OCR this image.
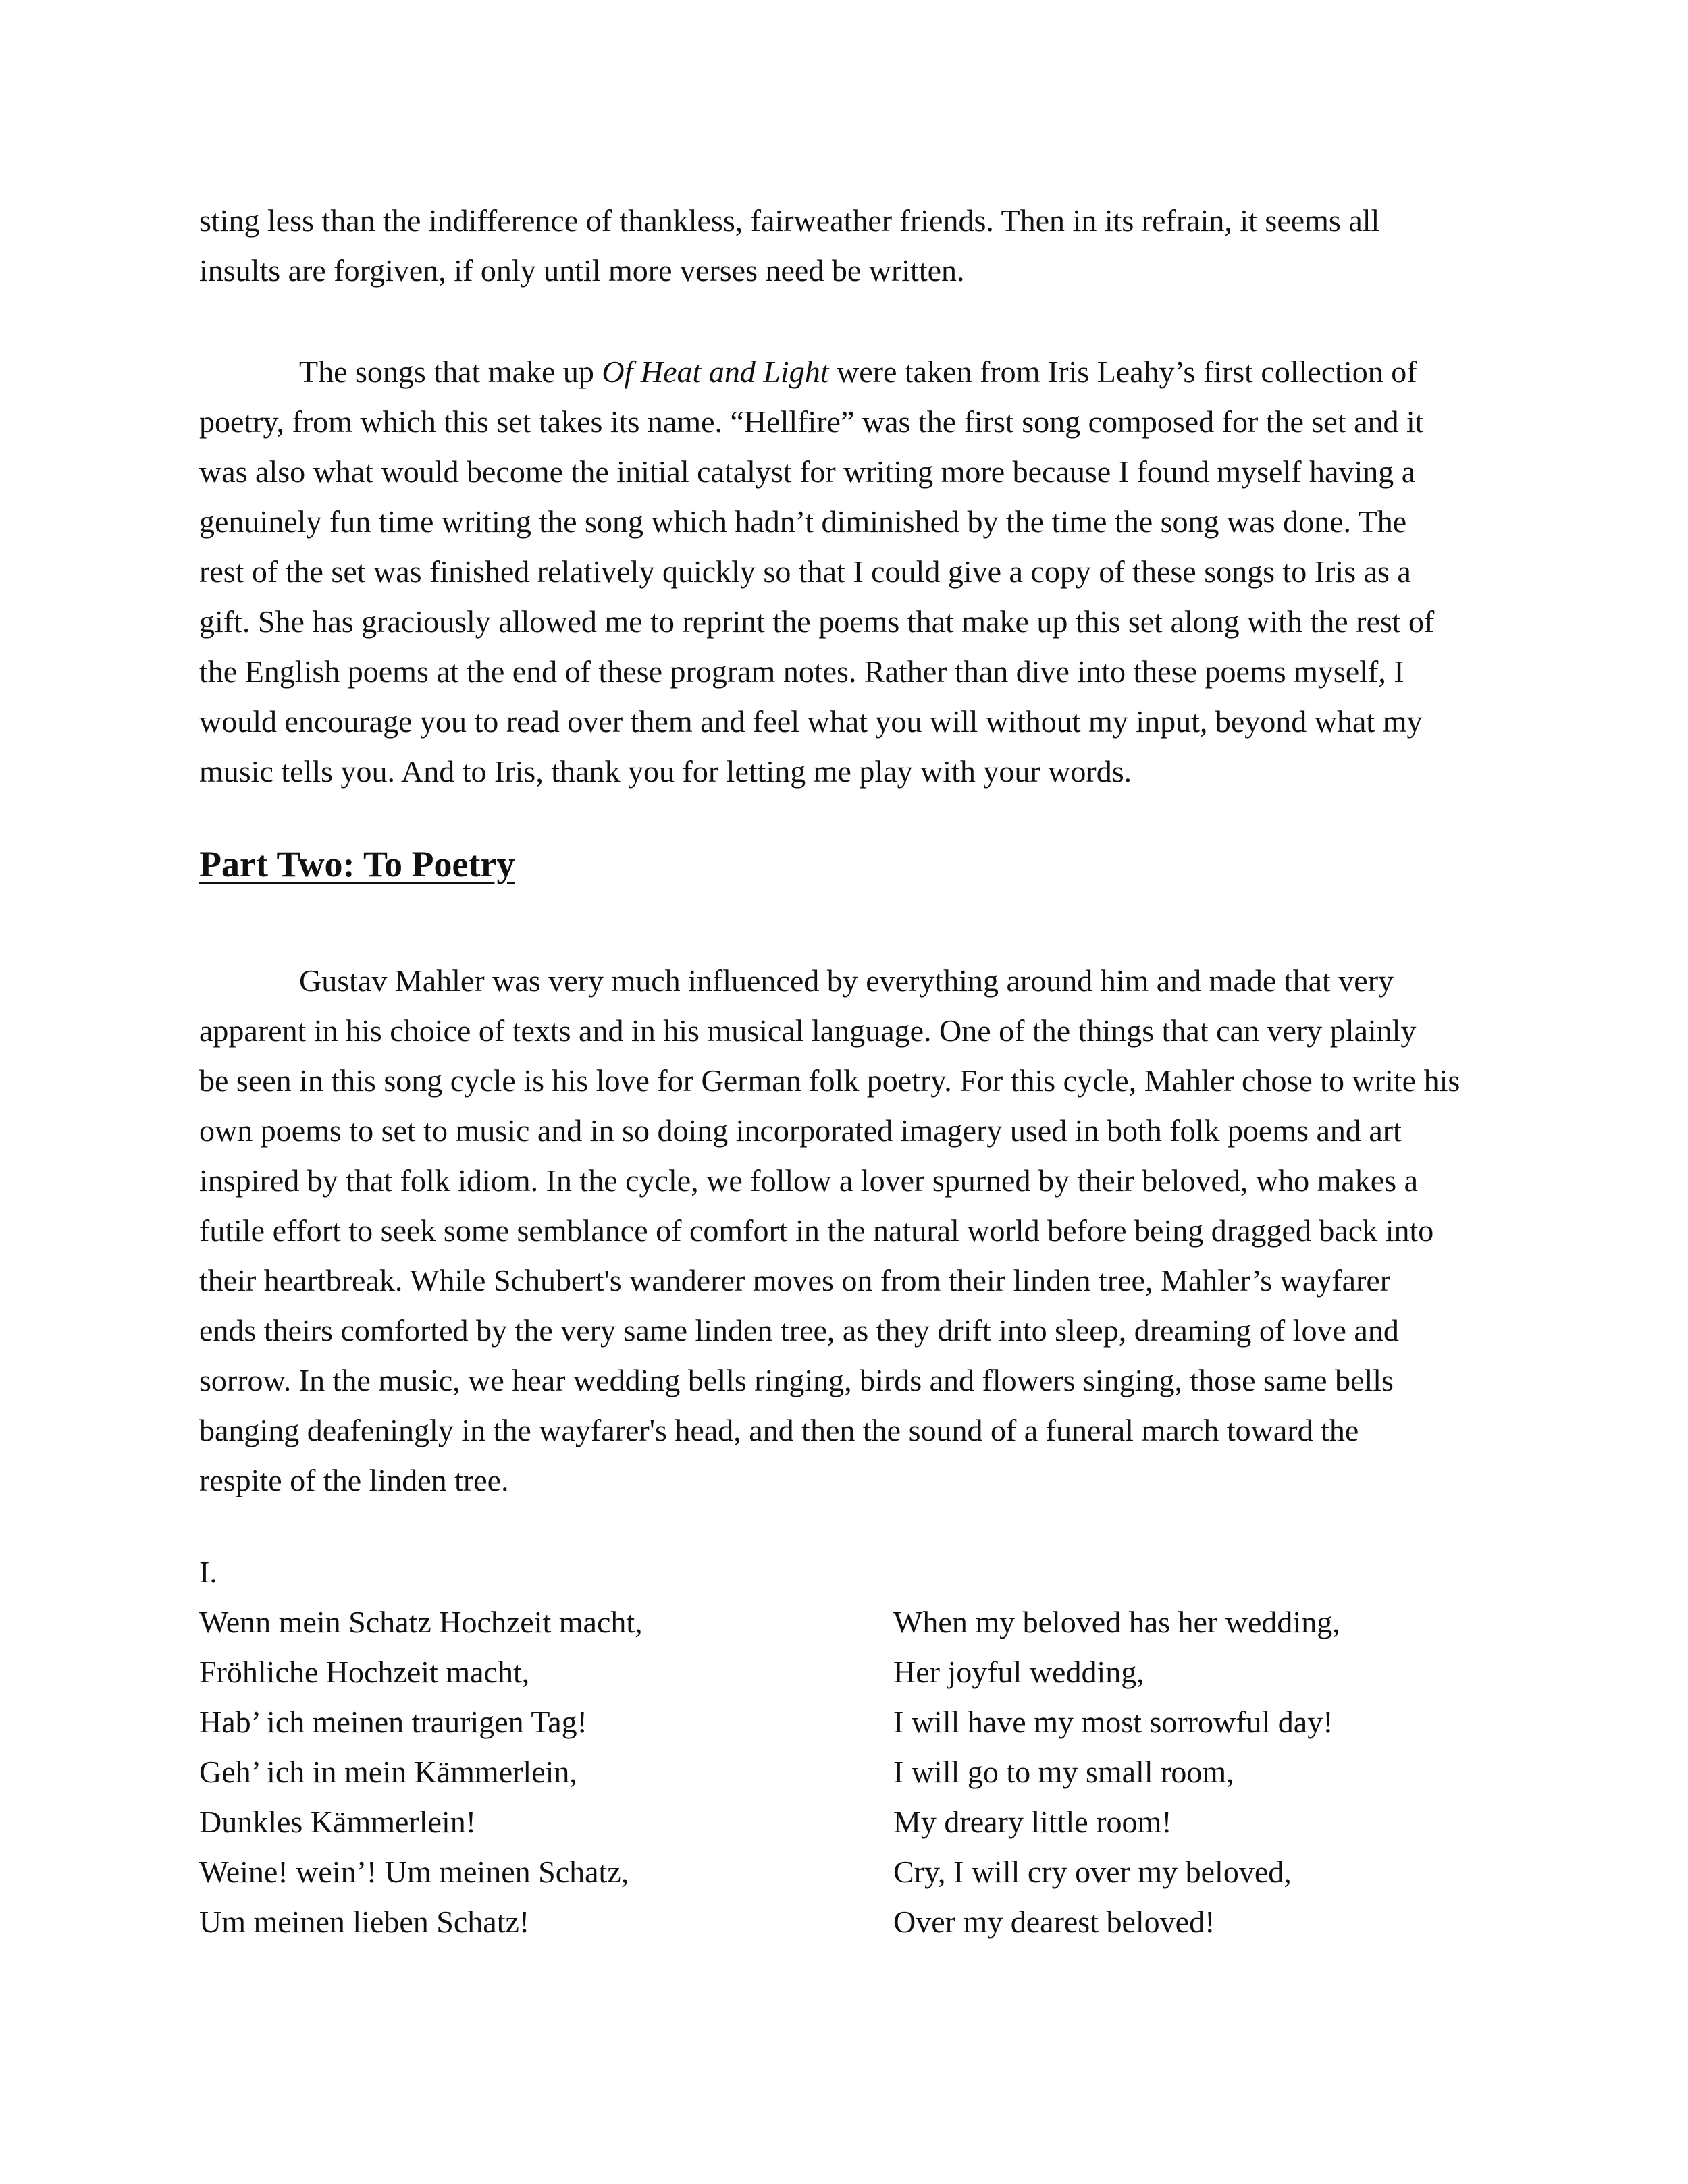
sting less than the indifference of thankless, fairweather friends. Then in its refrain, it seems all
insults are forgiven, if only until more verses need be written.
The songs that make up Of Heat and Light were taken from Iris Leahy’s first collection of
poetry, from which this set takes its name. “Hellfire” was the first song composed for the set and it
was also what would become the initial catalyst for writing more because I found myself having a
genuinely fun time writing the song which hadn’t diminished by the time the song was done. The
rest of the set was finished relatively quickly so that I could give a copy of these songs to Iris as a
gift. She has graciously allowed me to reprint the poems that make up this set along with the rest of
the English poems at the end of these program notes. Rather than dive into these poems myself, I
would encourage you to read over them and feel what you will without my input, beyond what my
music tells you. And to Iris, thank you for letting me play with your words.
Part Two: To Poetry
Gustav Mahler was very much influenced by everything around him and made that very
apparent in his choice of texts and in his musical language. One of the things that can very plainly
be seen in this song cycle is his love for German folk poetry. For this cycle, Mahler chose to write his
own poems to set to music and in so doing incorporated imagery used in both folk poems and art
inspired by that folk idiom. In the cycle, we follow a lover spurned by their beloved, who makes a
futile effort to seek some semblance of comfort in the natural world before being dragged back into
their heartbreak. While Schubert's wanderer moves on from their linden tree, Mahler’s wayfarer
ends theirs comforted by the very same linden tree, as they drift into sleep, dreaming of love and
sorrow. In the music, we hear wedding bells ringing, birds and flowers singing, those same bells
banging deafeningly in the wayfarer's head, and then the sound of a funeral march toward the
respite of the linden tree.
I.
Wenn mein Schatz Hochzeit macht,
Fröhliche Hochzeit macht,
Hab’ ich meinen traurigen Tag!
Geh’ ich in mein Kämmerlein,
Dunkles Kämmerlein!
Weine! wein’! Um meinen Schatz,
Um meinen lieben Schatz!
When my beloved has her wedding,
Her joyful wedding,
I will have my most sorrowful day!
I will go to my small room,
My dreary little room!
Cry, I will cry over my beloved,
Over my dearest beloved!
